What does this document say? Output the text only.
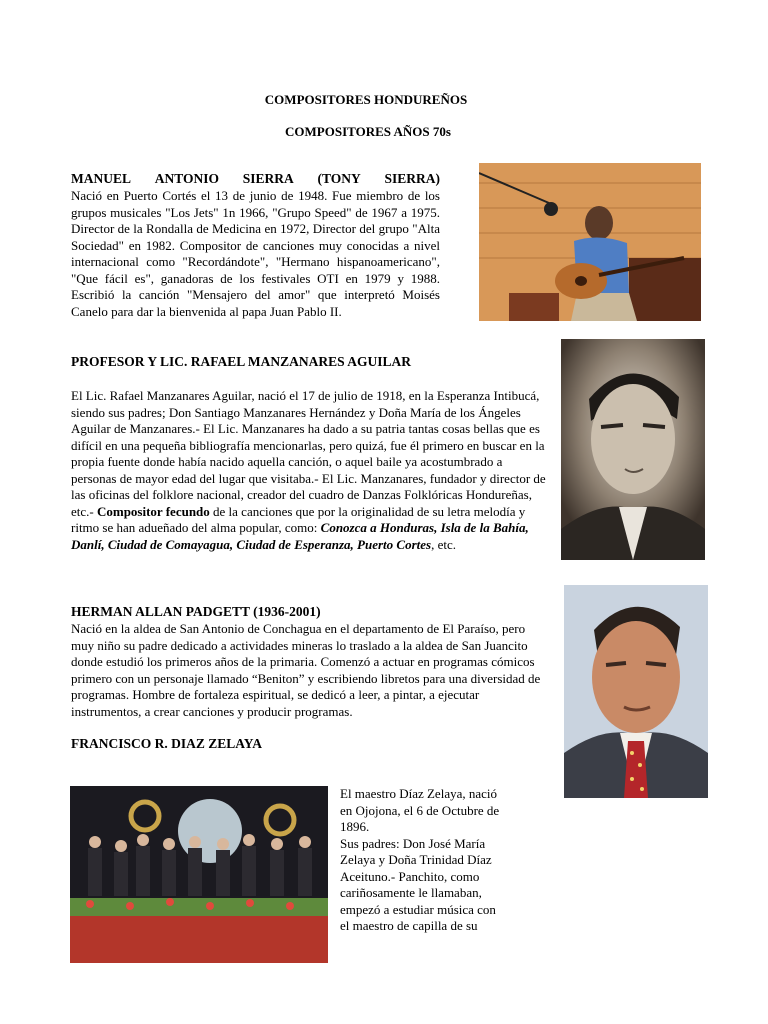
COMPOSITORES HONDUREÑOS
COMPOSITORES AÑOS 70s
MANUEL ANTONIO SIERRA (TONY SIERRA)

Nació en Puerto Cortés el 13 de junio de 1948. Fue miembro de los grupos musicales "Los Jets" 1n 1966, "Grupo Speed" de 1967 a 1975. Director de la Rondalla de Medicina en 1972, Director del grupo "Alta Sociedad" en 1982. Compositor de canciones muy conocidas a nivel internacional como "Recordándote", "Hermano hispanoamericano", "Que fácil es", ganadoras de los festivales OTI en 1979 y 1988. Escribió la canción "Mensajero del amor" que interpretó Moisés Canelo para dar la bienvenida al papa Juan Pablo II.

PROFESOR Y LIC. RAFAEL MANZANARES AGUILAR

El Lic. Rafael Manzanares Aguilar, nació el 17 de julio de 1918, en la Esperanza Intibucá, siendo sus padres; Don Santiago Manzanares Hernández y Doña María de los Ángeles Aguilar de Manzanares.- El Lic. Manzanares ha dado a su patria tantas cosas bellas que es difícil en una pequeña bibliografía mencionarlas, pero quizá, fue él primero en buscar en la propia fuente donde había nacido aquella canción, o aquel baile ya acostumbrado a personas de mayor edad del lugar que visitaba.- El Lic. Manzanares, fundador y director de las oficinas del folklore nacional, creador del cuadro de Danzas Folklóricas Hondureñas, etc.- Compositor fecundo de la canciones que por la originalidad de su letra melodía y ritmo se han adueñado del alma popular, como: Conozca a Honduras, Isla de la Bahía, Danlí, Ciudad de Comayagua, Ciudad de Esperanza, Puerto Cortes, etc.

HERMAN ALLAN PADGETT (1936-2001)

Nació en la aldea de San Antonio de Conchagua en el departamento de El Paraíso, pero muy niño su padre dedicado a actividades mineras lo traslado a la aldea de San Juancito donde estudió los primeros años de la primaria. Comenzó a actuar en programas cómicos primero con un personaje llamado “Beniton” y escribiendo libretos para una diversidad de programas. Hombre de fortaleza espiritual, se dedicó a leer, a pintar, a ejecutar instrumentos, a crear canciones y producir programas.

FRANCISCO R. DIAZ ZELAYA
El maestro Díaz Zelaya, nació
en Ojojona, el 6 de Octubre de
1896.
Sus padres: Don José María
Zelaya y Doña Trinidad Díaz
Aceituno.- Panchito, como
cariñosamente le llamaban,
empezó a estudiar música con
el maestro de capilla de su
